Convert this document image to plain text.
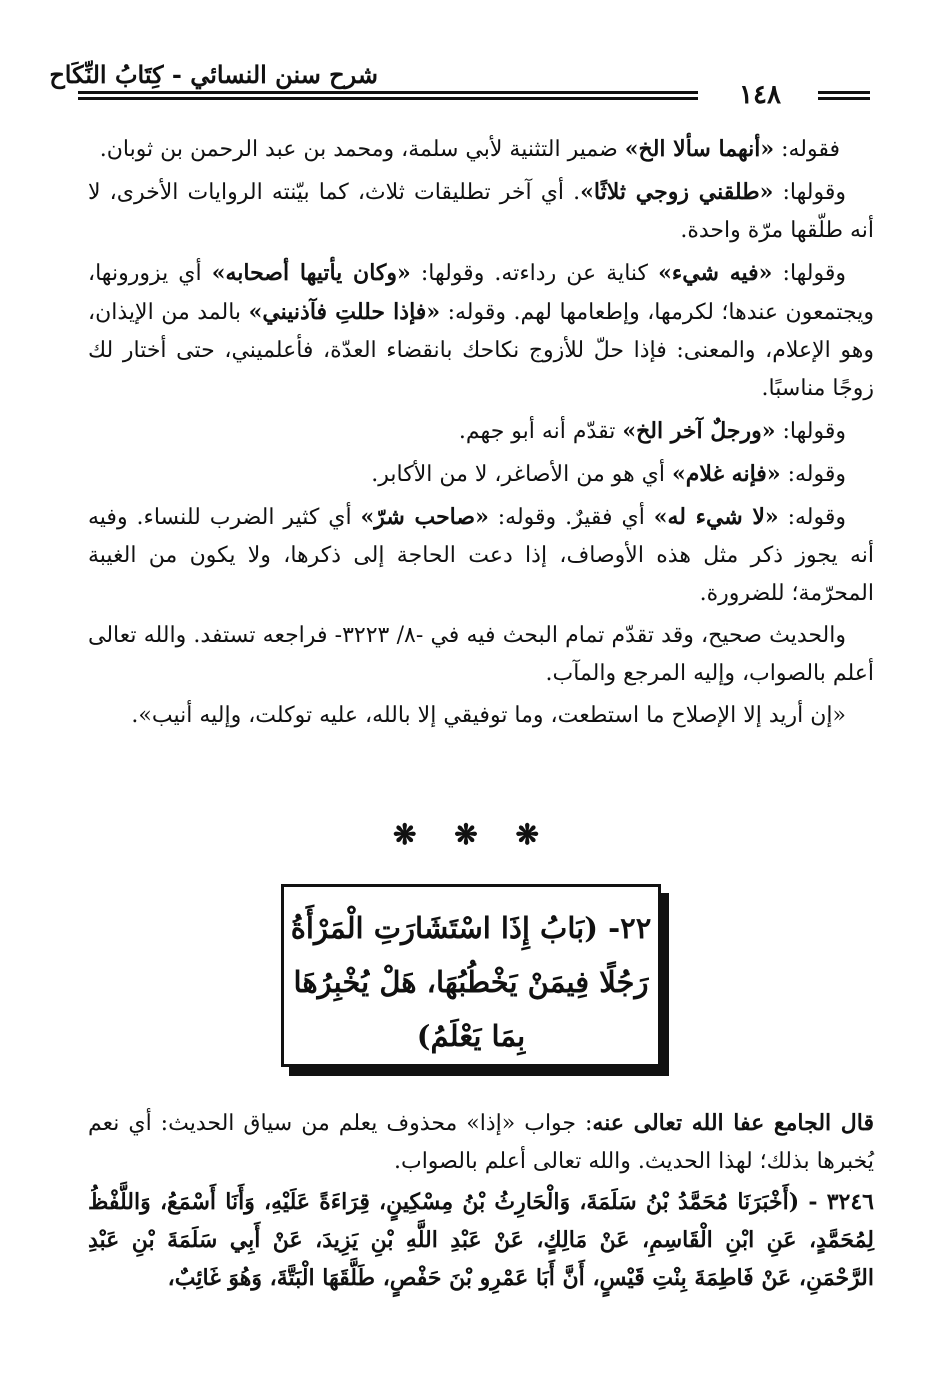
شرح سنن النسائي - كِتَابُ النِّكَاح
١٤٨

فقوله: «أنهما سألا الخ» ضمير التثنية لأبي سلمة، ومحمد بن عبد الرحمن بن ثوبان.

وقولها: «طلقني زوجي ثلاثًا». أي آخر تطليقات ثلاث، كما بيّنته الروايات الأخرى، لا أنه طلّقها مرّة واحدة.

وقولها: «فيه شيء» كناية عن رداءته. وقولها: «وكان يأتيها أصحابه» أي يزورونها، ويجتمعون عندها؛ لكرمها، وإطعامها لهم. وقوله: «فإذا حللتِ فآذنيني» بالمد من الإيذان، وهو الإعلام، والمعنى: فإذا حلّ للأزوج نكاحك بانقضاء العدّة، فأعلميني، حتى أختار لك زوجًا مناسبًا.

وقولها: «ورجلٌ آخر الخ» تقدّم أنه أبو جهم.

وقوله: «فإنه غلام» أي هو من الأصاغر، لا من الأكابر.

وقوله: «لا شيء له» أي فقيرٌ. وقوله: «صاحب شرّ» أي كثير الضرب للنساء. وفيه أنه يجوز ذكر مثل هذه الأوصاف، إذا دعت الحاجة إلى ذكرها، ولا يكون من الغيبة المحرّمة؛ للضرورة.

والحديث صحيح، وقد تقدّم تمام البحث فيه في -٨/ ٣٢٢٣- فراجعه تستفد. والله تعالى أعلم بالصواب، وإليه المرجع والمآب.

«إن أريد إلا الإصلاح ما استطعت، وما توفيقي إلا بالله، عليه توكلت، وإليه أنيب».

❋ ❋ ❋
٢٢- (بَابُ إِذَا اسْتَشَارَتِ الْمَرْأَةُ
رَجُلًا فِيمَنْ يَخْطُبُهَا، هَلْ يُخْبِرُهَا
بِمَا يَعْلَمُ)
قال الجامع عفا الله تعالى عنه: جواب «إذا» محذوف يعلم من سياق الحديث: أي نعم يُخبرها بذلك؛ لهذا الحديث. والله تعالى أعلم بالصواب.
٣٢٤٦ - (أَخْبَرَنَا مُحَمَّدُ بْنُ سَلَمَةَ، وَالْحَارِثُ بْنُ مِسْكِينٍ، قِرَاءَةً عَلَيْهِ، وَأَنَا أَسْمَعُ، وَاللَّفْظُ لِمُحَمَّدٍ، عَنِ ابْنِ الْقَاسِمِ، عَنْ مَالِكٍ، عَنْ عَبْدِ اللَّهِ بْنِ يَزِيدَ، عَنْ أَبِي سَلَمَةَ بْنِ عَبْدِ الرَّحْمَنِ، عَنْ فَاطِمَةَ بِنْتِ قَيْسٍ، أَنَّ أَبَا عَمْرِو بْنَ حَفْصٍ، طَلَّقَهَا الْبَتَّةَ، وَهُوَ غَائِبٌ،
